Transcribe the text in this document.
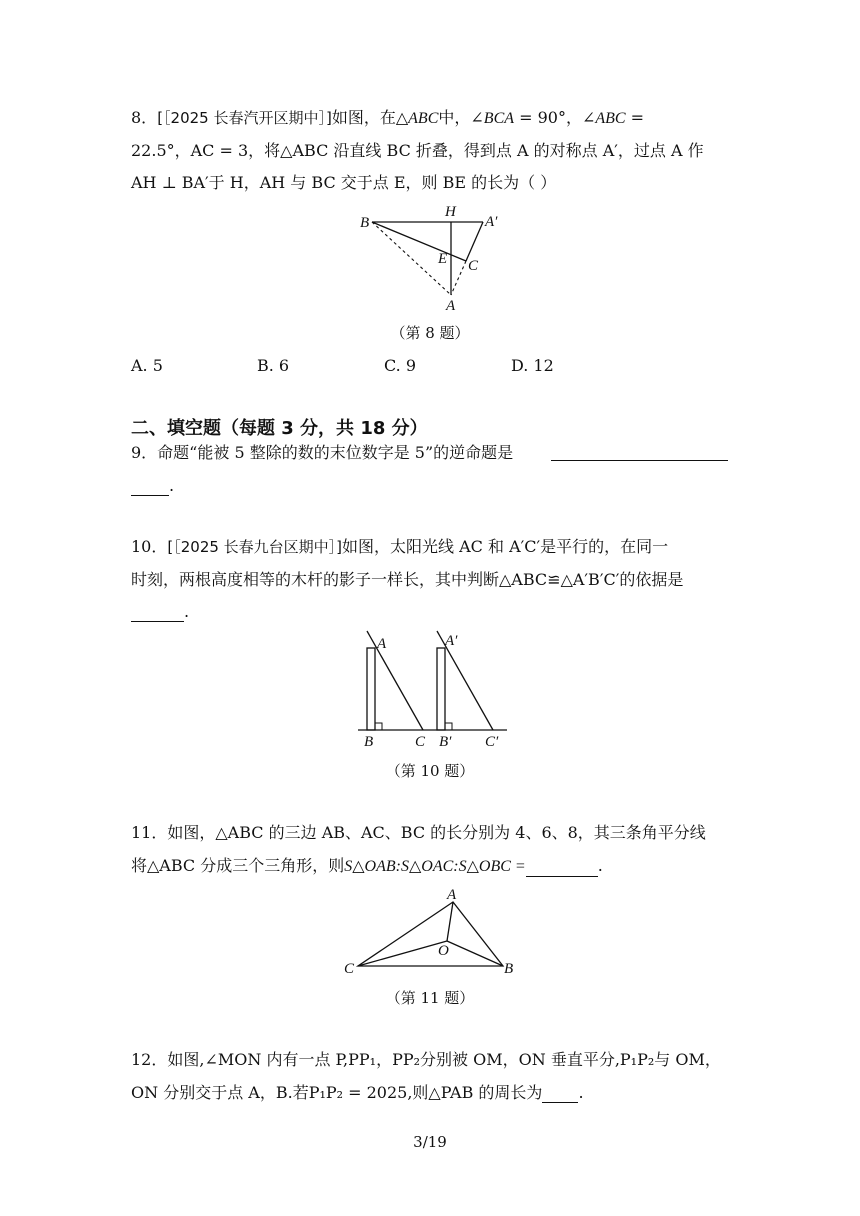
8．[［2025 长春汽开区期中］]如图，在△ABC中，∠BCA = 90°，∠ABC =
22.5°，AC = 3，将△ABC 沿直线 BC 折叠，得到点 A 的对称点 A′，过点 A 作
AH ⊥ BA′于 H，AH 与 BC 交于点 E，则 BE 的长为（ ）
B
H
A′
E C
A
（第 8 题）
A. 5	B. 6	C. 9	D. 12
二、填空题（每题 3 分，共 18 分）
9．命题“能被 5 整除的数的末位数字是 5”的逆命题是
.
10．[［2025 长春九台区期中］]如图，太阳光线 AC 和 A′C′是平行的，在同一
时刻，两根高度相等的木杆的影子一样长，其中判断△ABC≌△A′B′C′的依据是
.
A	A′
B	C B′ C′
（第 10 题）
11．如图，△ABC 的三边 AB、AC、BC 的长分别为 4、6、8，其三条角平分线
将△ABC 分成三个三角形，则S△OAB:S△OAC:S△OBC =	.
A
O
B
C
（第 11 题）
12．如图,∠MON 内有一点 P,PP₁，PP₂分别被 OM，ON 垂直平分,P₁P₂与 OM，
ON 分别交于点 A，B.若P₁P₂ = 2025,则△PAB 的周长为 .
3/19
